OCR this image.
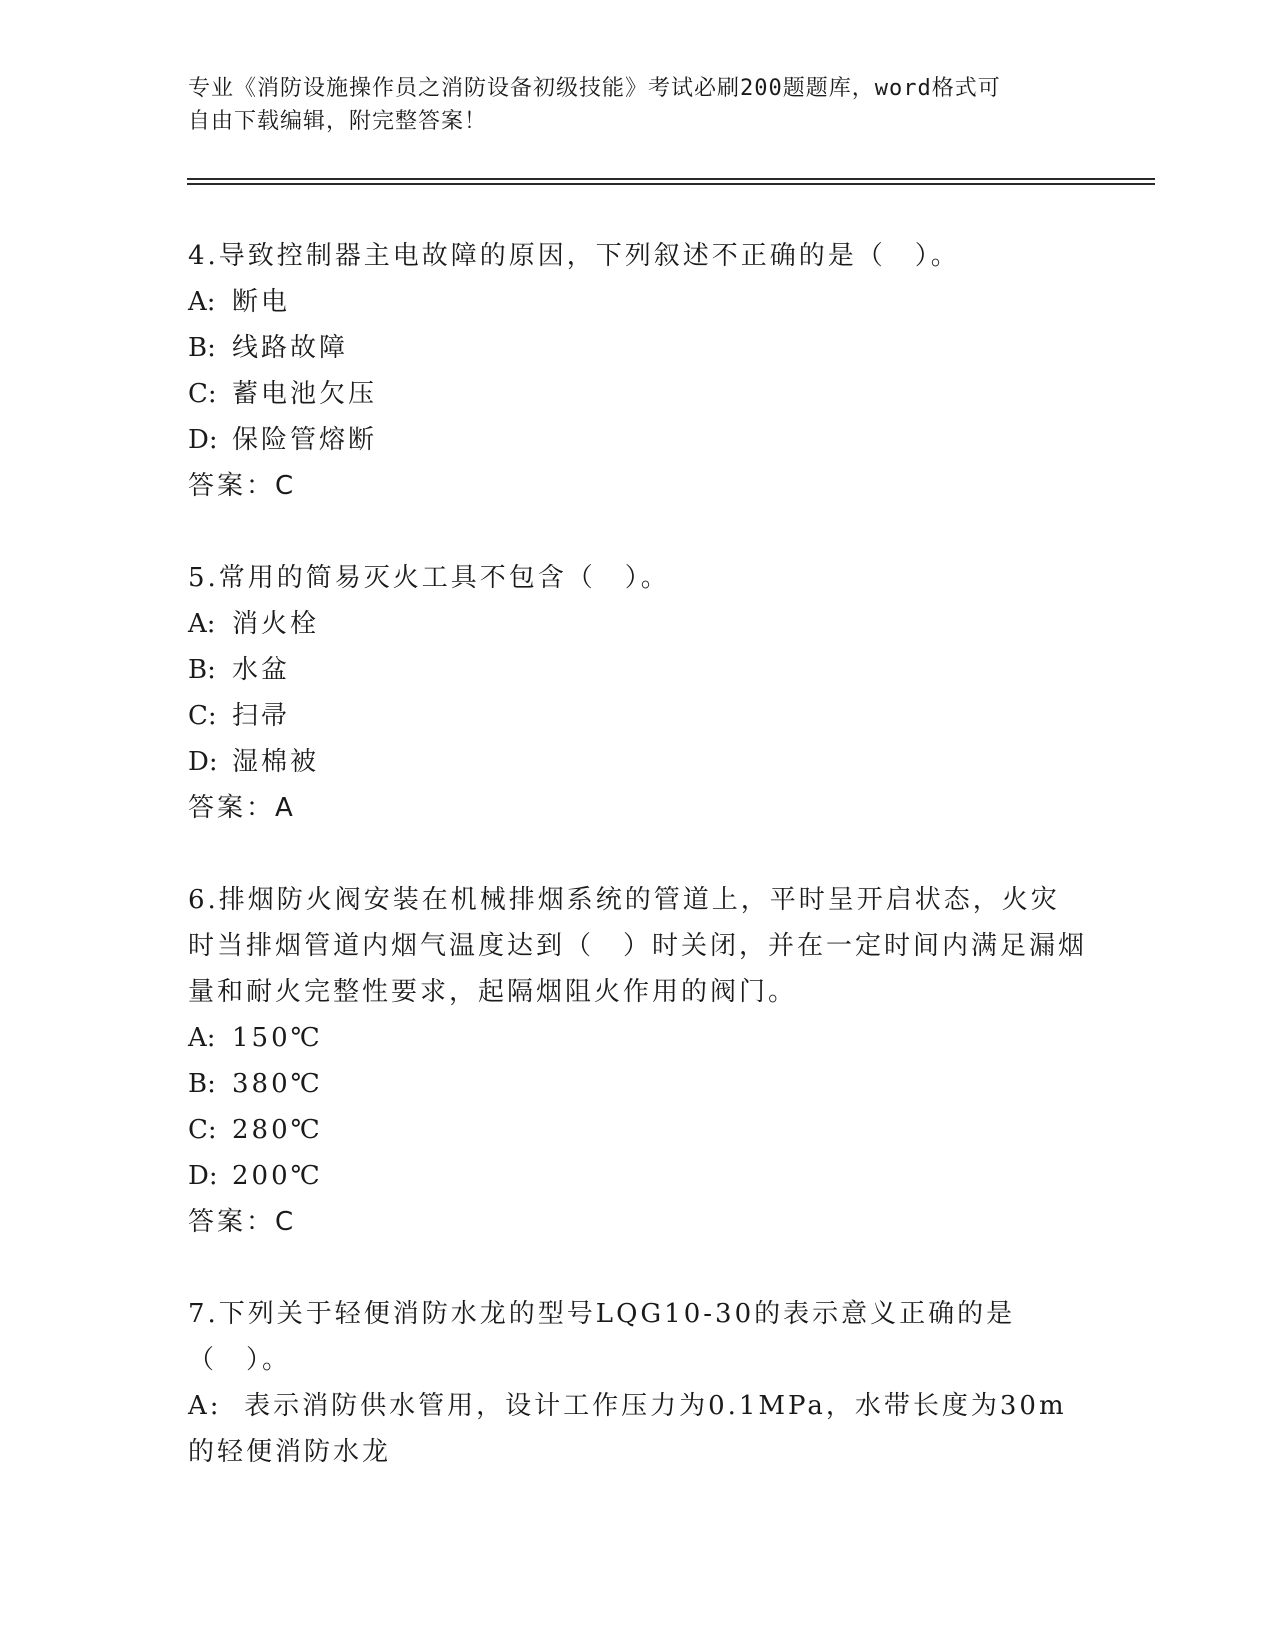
专业《消防设施操作员之消防设备初级技能》考试必刷200题题库，word格式可
自由下载编辑，附完整答案！

4.导致控制器主电故障的原因，下列叙述不正确的是（　）。

A: 断电

B: 线路故障

C: 蓄电池欠压

D: 保险管熔断

答案：C

5.常用的简易灭火工具不包含（　）。

A: 消火栓

B: 水盆

C: 扫帚

D: 湿棉被

答案：A

6.排烟防火阀安装在机械排烟系统的管道上，平时呈开启状态，火灾时当排烟管道内烟气温度达到（　）时关闭，并在一定时间内满足漏烟量和耐火完整性要求，起隔烟阻火作用的阀门。

A: 150℃

B: 380℃

C: 280℃

D: 200℃

答案：C

7.下列关于轻便消防水龙的型号LQG10-30的表示意义正确的是（　）。

A: 表示消防供水管用，设计工作压力为0.1MPa，水带长度为30m的轻便消防水龙
